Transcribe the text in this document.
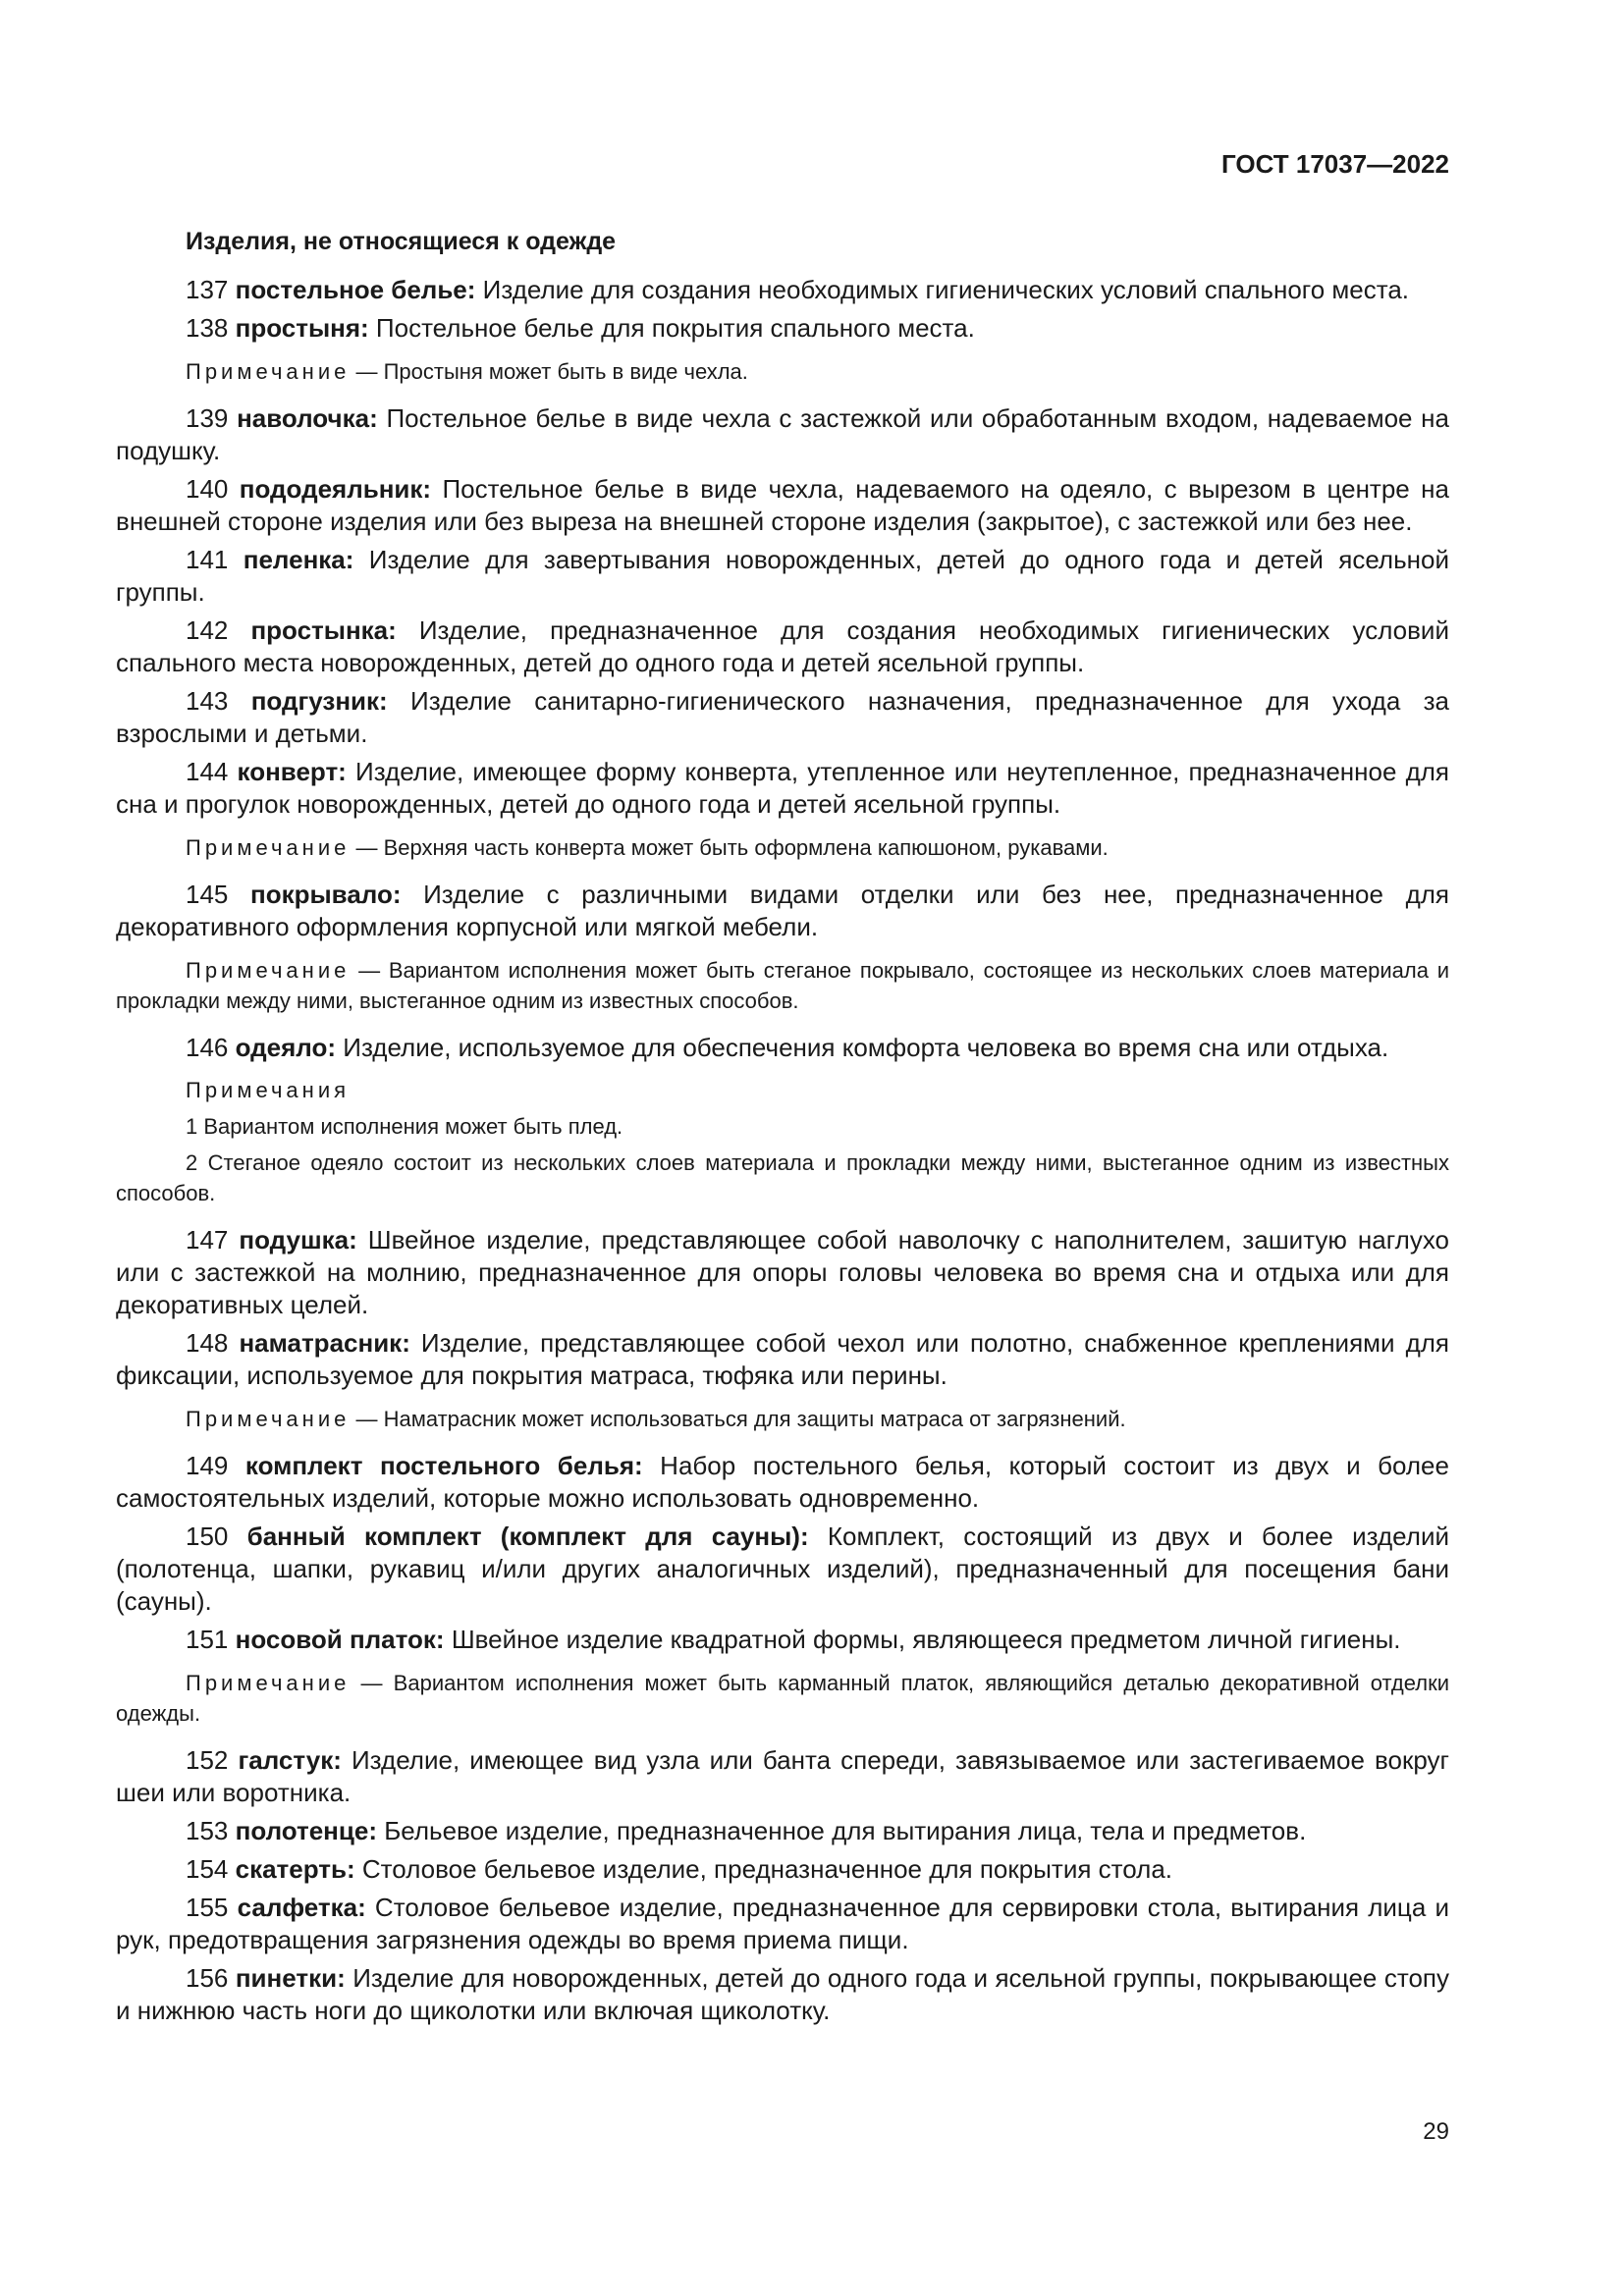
ГОСТ 17037—2022
Изделия, не относящиеся к одежде

137 постельное белье: Изделие для создания необходимых гигиенических условий спального места.

138 простыня: Постельное белье для покрытия спального места.

Примечание — Простыня может быть в виде чехла.

139 наволочка: Постельное белье в виде чехла с застежкой или обработанным входом, надеваемое на подушку.

140 пододеяльник: Постельное белье в виде чехла, надеваемого на одеяло, с вырезом в центре на внешней стороне изделия или без выреза на внешней стороне изделия (закрытое), с застежкой или без нее.

141 пеленка: Изделие для завертывания новорожденных, детей до одного года и детей ясельной группы.

142 простынка: Изделие, предназначенное для создания необходимых гигиенических условий спального места новорожденных, детей до одного года и детей ясельной группы.

143 подгузник: Изделие санитарно-гигиенического назначения, предназначенное для ухода за взрослыми и детьми.

144 конверт: Изделие, имеющее форму конверта, утепленное или неутепленное, предназначенное для сна и прогулок новорожденных, детей до одного года и детей ясельной группы.

Примечание — Верхняя часть конверта может быть оформлена капюшоном, рукавами.

145 покрывало: Изделие с различными видами отделки или без нее, предназначенное для декоративного оформления корпусной или мягкой мебели.

Примечание — Вариантом исполнения может быть стеганое покрывало, состоящее из нескольких слоев материала и прокладки между ними, выстеганное одним из известных способов.

146 одеяло: Изделие, используемое для обеспечения комфорта человека во время сна или отдыха.

Примечания

1 Вариантом исполнения может быть плед.

2 Стеганое одеяло состоит из нескольких слоев материала и прокладки между ними, выстеганное одним из известных способов.

147 подушка: Швейное изделие, представляющее собой наволочку с наполнителем, зашитую наглухо или с застежкой на молнию, предназначенное для опоры головы человека во время сна и отдыха или для декоративных целей.

148 наматрасник: Изделие, представляющее собой чехол или полотно, снабженное креплениями для фиксации, используемое для покрытия матраса, тюфяка или перины.

Примечание — Наматрасник может использоваться для защиты матраса от загрязнений.

149 комплект постельного белья: Набор постельного белья, который состоит из двух и более самостоятельных изделий, которые можно использовать одновременно.

150 банный комплект (комплект для сауны): Комплект, состоящий из двух и более изделий (полотенца, шапки, рукавиц и/или других аналогичных изделий), предназначенный для посещения бани (сауны).

151 носовой платок: Швейное изделие квадратной формы, являющееся предметом личной гигиены.

Примечание — Вариантом исполнения может быть карманный платок, являющийся деталью декоративной отделки одежды.

152 галстук: Изделие, имеющее вид узла или банта спереди, завязываемое или застегиваемое вокруг шеи или воротника.

153 полотенце: Бельевое изделие, предназначенное для вытирания лица, тела и предметов.

154 скатерть: Столовое бельевое изделие, предназначенное для покрытия стола.

155 салфетка: Столовое бельевое изделие, предназначенное для сервировки стола, вытирания лица и рук, предотвращения загрязнения одежды во время приема пищи.

156 пинетки: Изделие для новорожденных, детей до одного года и ясельной группы, покрывающее стопу и нижнюю часть ноги до щиколотки или включая щиколотку.

29
